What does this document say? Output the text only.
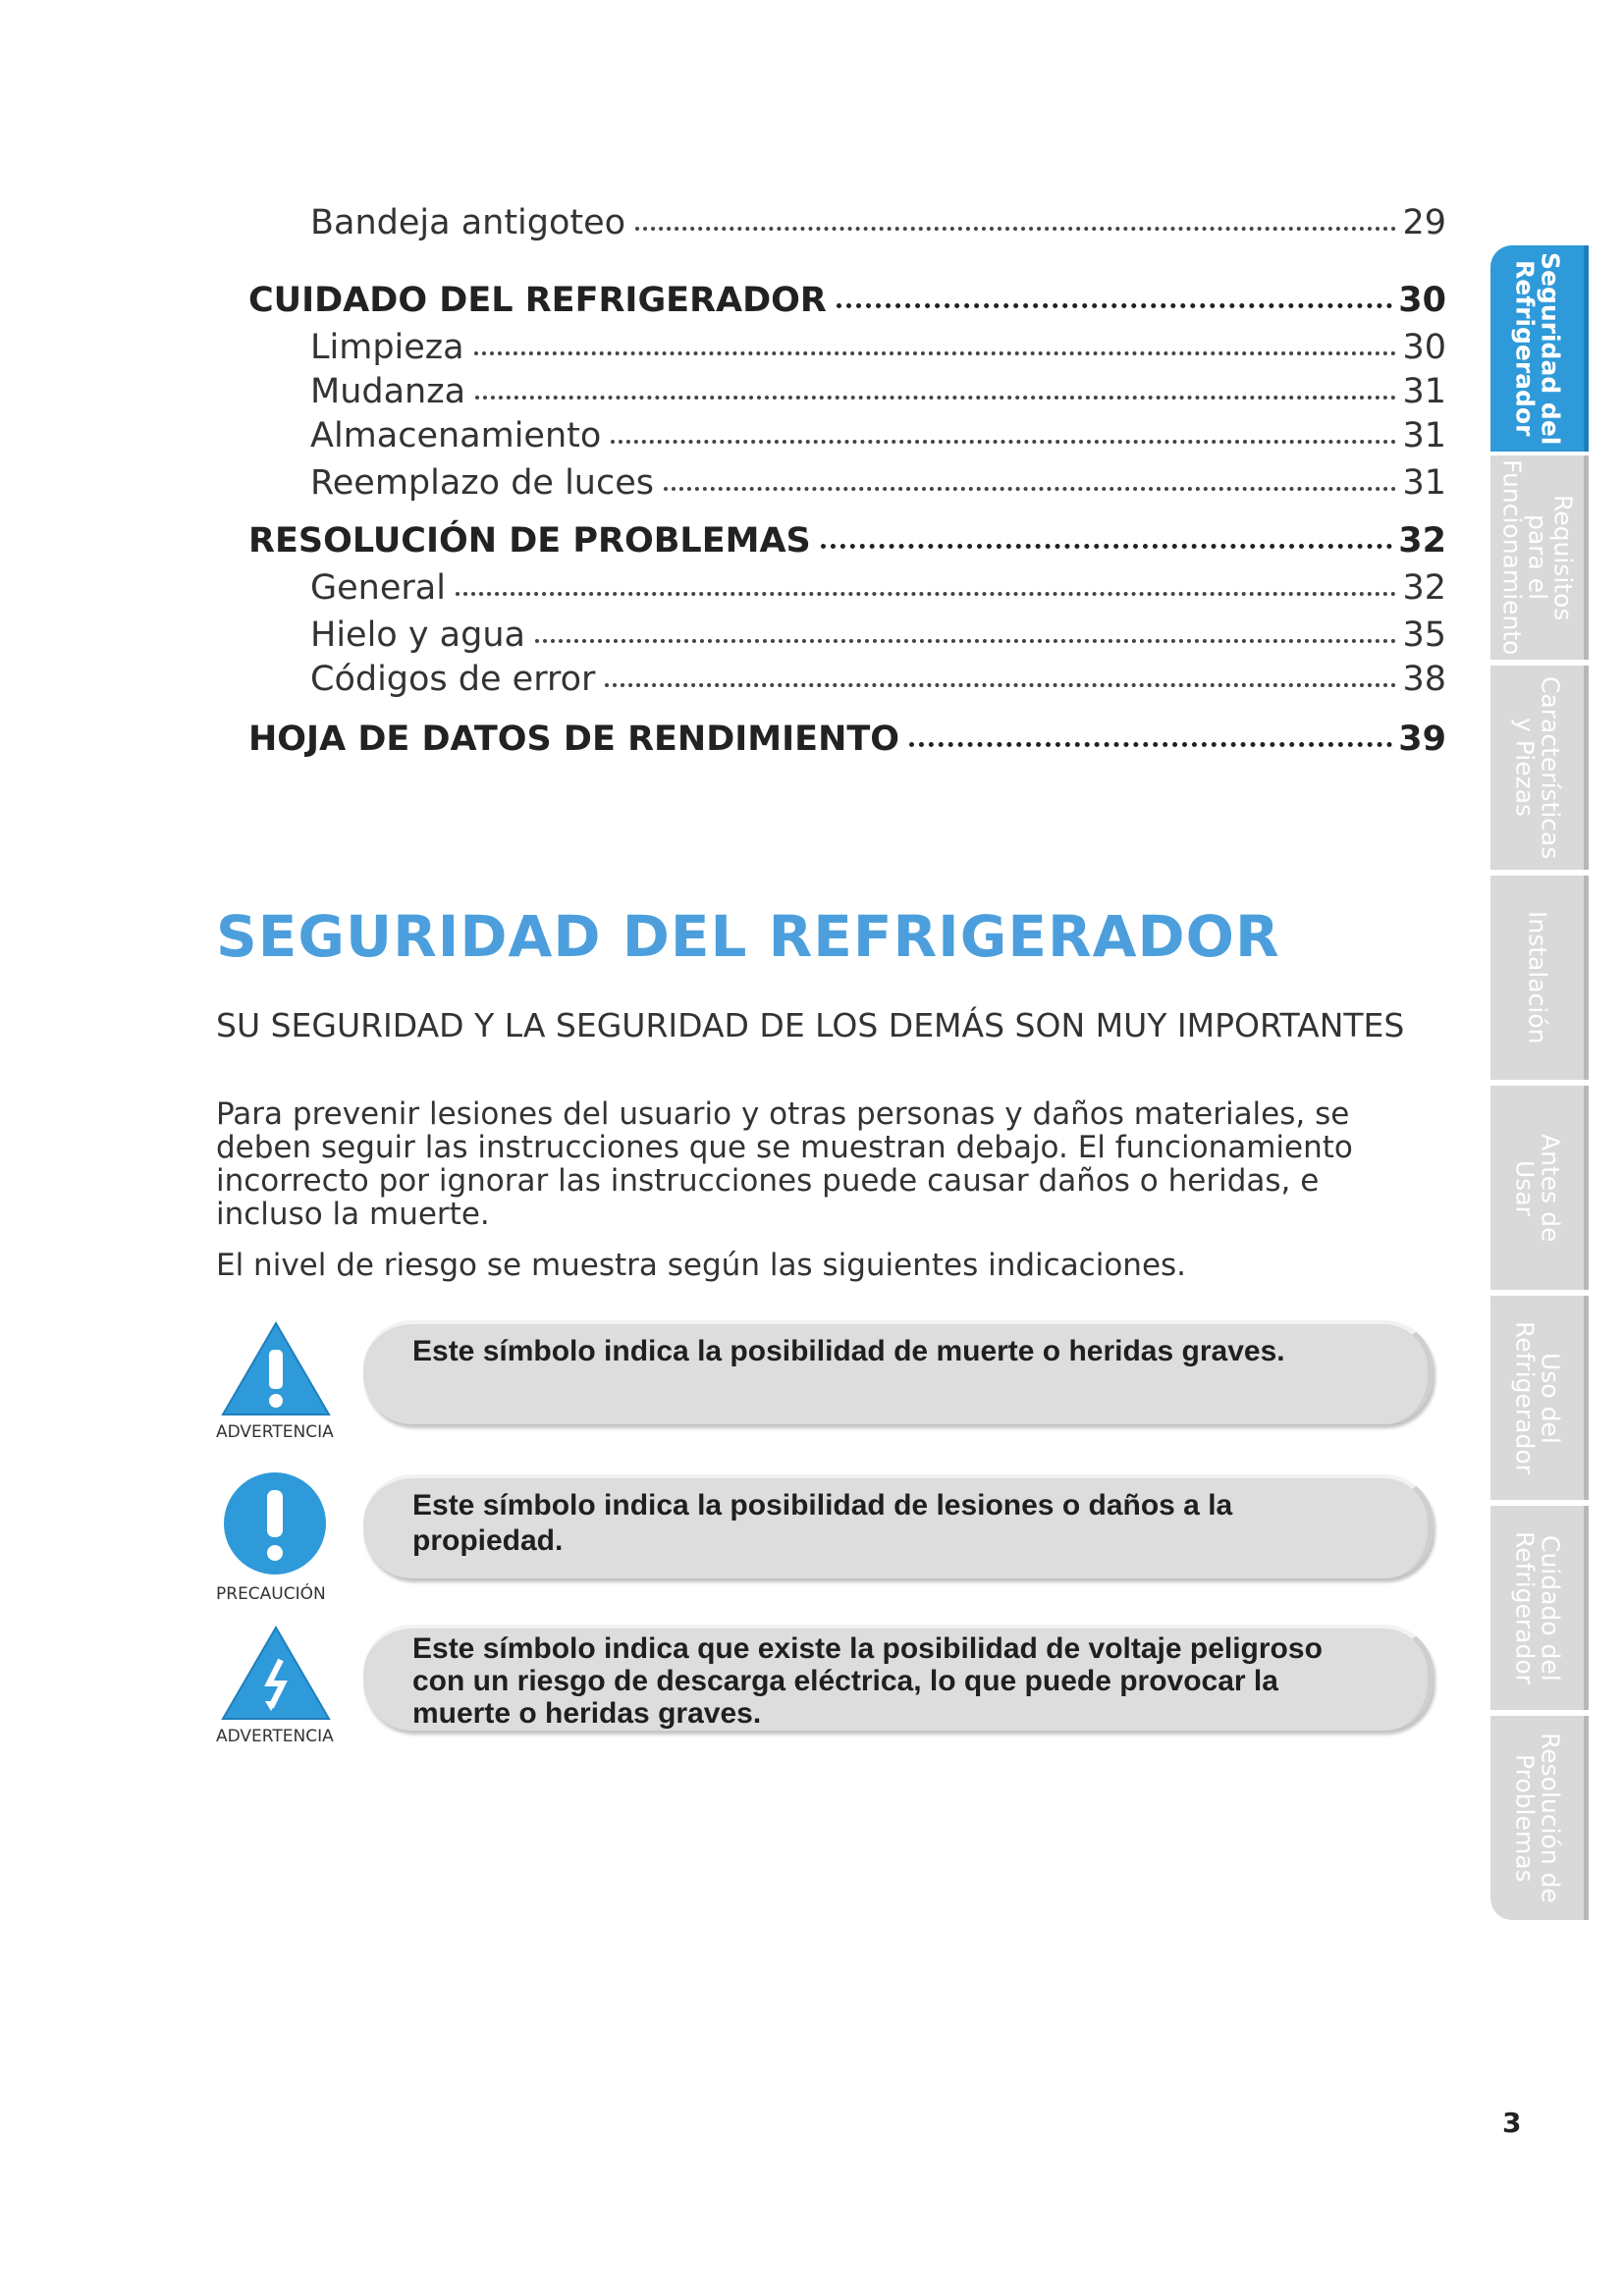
Bandeja antigoteo	29
CUIDADO DEL REFRIGERADOR	30
Limpieza	30
Mudanza	31
Almacenamiento	31
Reemplazo de luces	31
RESOLUCIÓN DE PROBLEMAS	32
General	32
Hielo y agua	35
Códigos de error	38
HOJA DE DATOS DE RENDIMIENTO	39
SEGURIDAD DEL REFRIGERADOR
SU SEGURIDAD Y LA SEGURIDAD DE LOS DEMÁS SON MUY IMPORTANTES

Para prevenir lesiones del usuario y otras personas y daños materiales, se deben seguir las instrucciones que se muestran debajo. El funcionamiento incorrecto por ignorar las instrucciones puede causar daños o heridas, e incluso la muerte.

El nivel de riesgo se muestra según las siguientes indicaciones.

ADVERTENCIA
Este símbolo indica la posibilidad de muerte o heridas graves.
PRECAUCIÓN
Este símbolo indica la posibilidad de lesiones o daños a la propiedad.
ADVERTENCIA
Este símbolo indica que existe la posibilidad de voltaje peligroso con un riesgo de descarga eléctrica, lo que puede provocar la muerte o heridas graves.
Seguridad del
Refrigerador
Requisitos
para el
Funcionamiento
Características
y Piezas
Instalación
Antes de
Usar
Uso del
Refrigerador
Cuidado del
Refrigerador
Resolución de
Problemas
3
